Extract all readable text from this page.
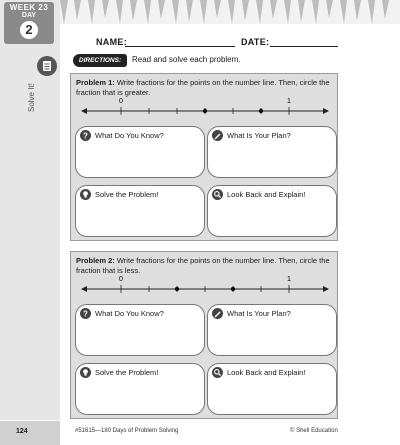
WEEK 23
DAY
2
Solve It!
NAME:	DATE:
DIRECTIONS:	Read and solve each problem.
Problem 1: Write fractions for the points on the number line. Then, circle the fraction that is greater.
0	1
? What Do You Know?	What Is Your Plan?
Solve the Problem!	Look Back and Explain!
Problem 2: Write fractions for the points on the number line. Then, circle the fraction that is less.
0	1
? What Do You Know?	What Is Your Plan?
Solve the Problem!	Look Back and Explain!
124	#51615—180 Days of Problem Solving	© Shell Education
